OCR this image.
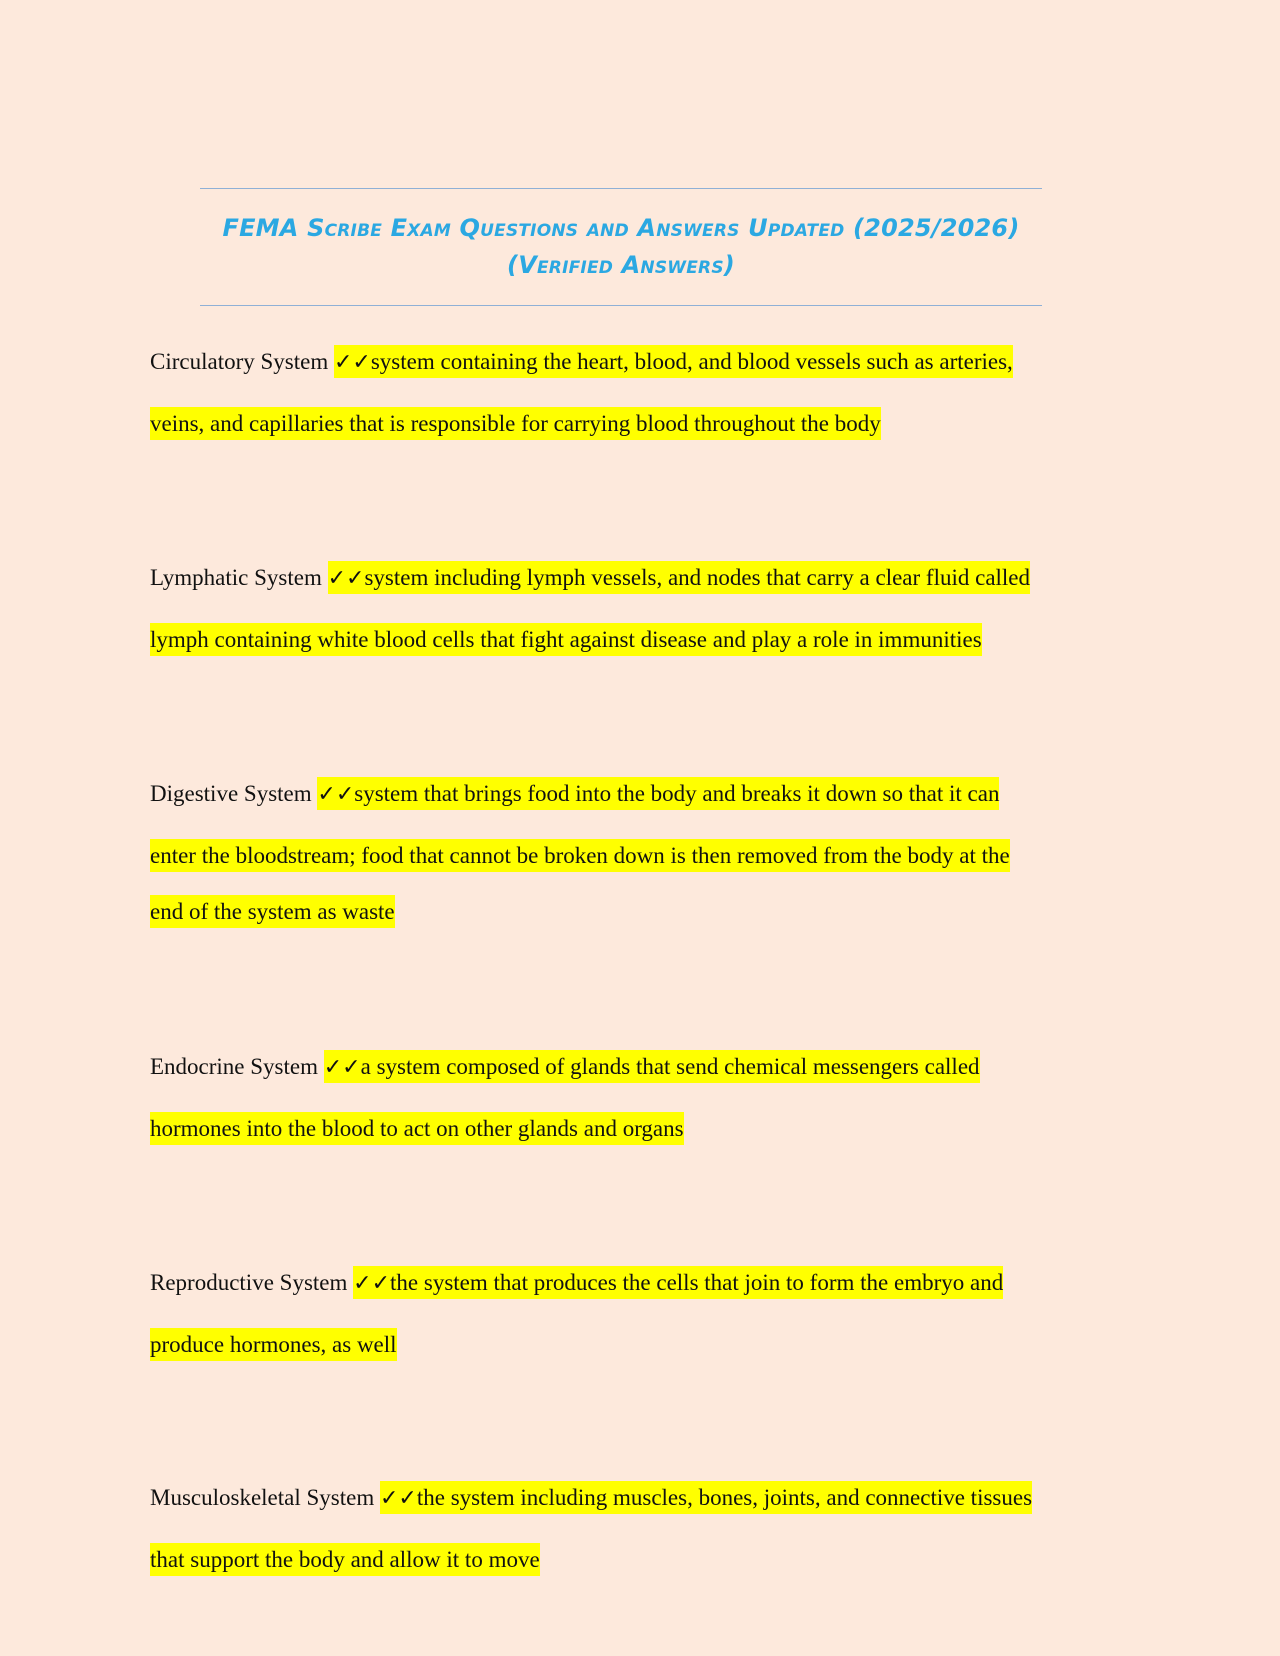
FEMA Scribe Exam Questions and Answers Updated (2025/2026)
(Verified Answers)
Circulatory System ✓✓system containing the heart, blood, and blood vessels such as arteries,
veins, and capillaries that is responsible for carrying blood throughout the body
Lymphatic System ✓✓system including lymph vessels, and nodes that carry a clear fluid called
lymph containing white blood cells that fight against disease and play a role in immunities
Digestive System ✓✓system that brings food into the body and breaks it down so that it can
enter the bloodstream; food that cannot be broken down is then removed from the body at the
end of the system as waste
Endocrine System ✓✓a system composed of glands that send chemical messengers called
hormones into the blood to act on other glands and organs
Reproductive System ✓✓the system that produces the cells that join to form the embryo and
produce hormones, as well
Musculoskeletal System ✓✓the system including muscles, bones, joints, and connective tissues
that support the body and allow it to move
